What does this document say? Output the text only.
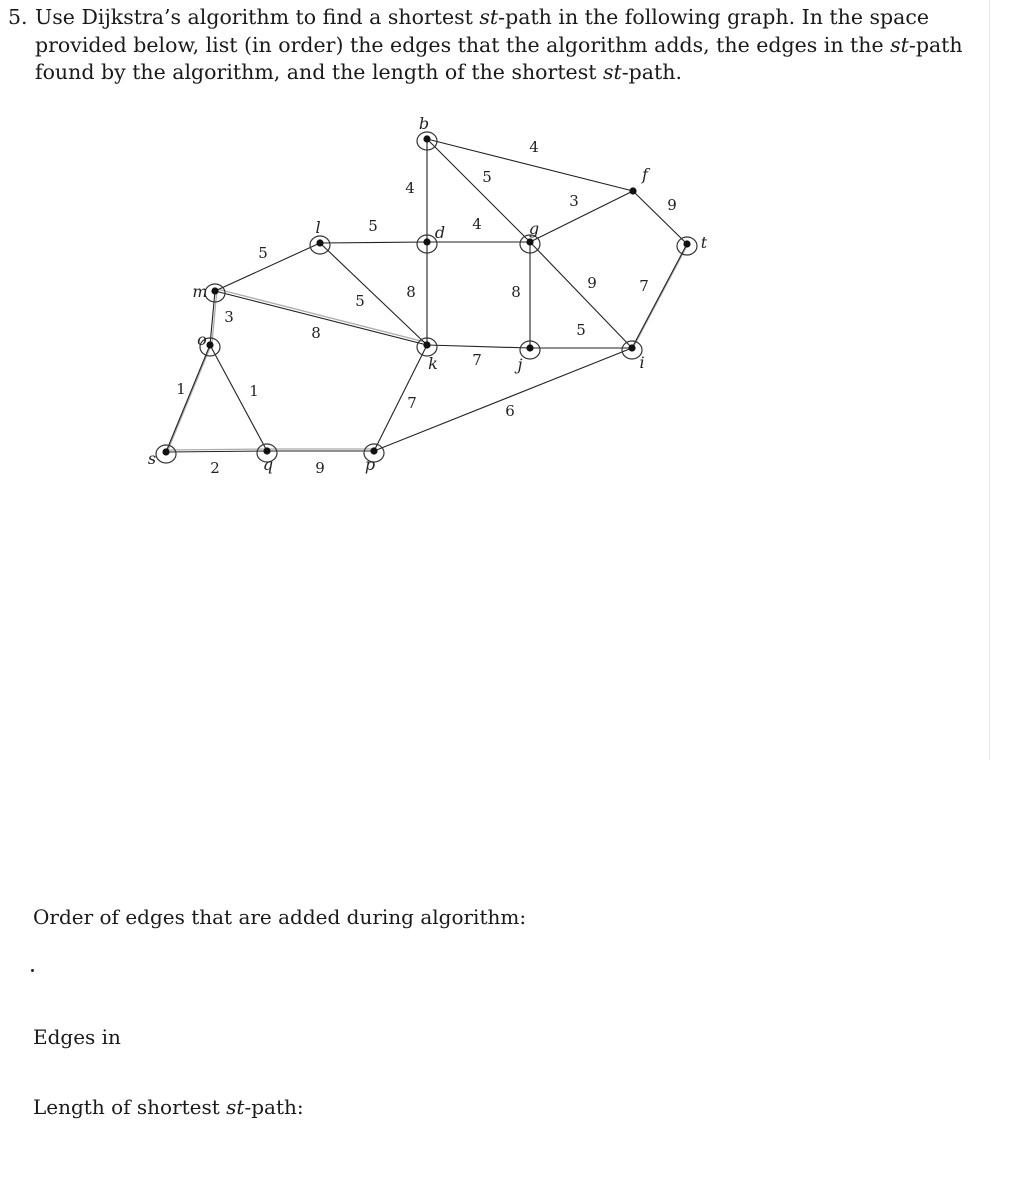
5. Use Dijkstra’s algorithm to find a shortest st-path in the following graph. In the space
provided below, list (in order) the edges that the algorithm adds, the edges in the st-path
found by the algorithm, and the length of the shortest st-path.
4
5
4
3	9
5	4
5
5	8	8	9	7
8
3
7
5
1	1
7	6
2	9
b
f
t
l	d	g
m
o
k	j	i
s	q	p
Order of edges that are added during algorithm:
Edges in
Length of shortest st-path:
